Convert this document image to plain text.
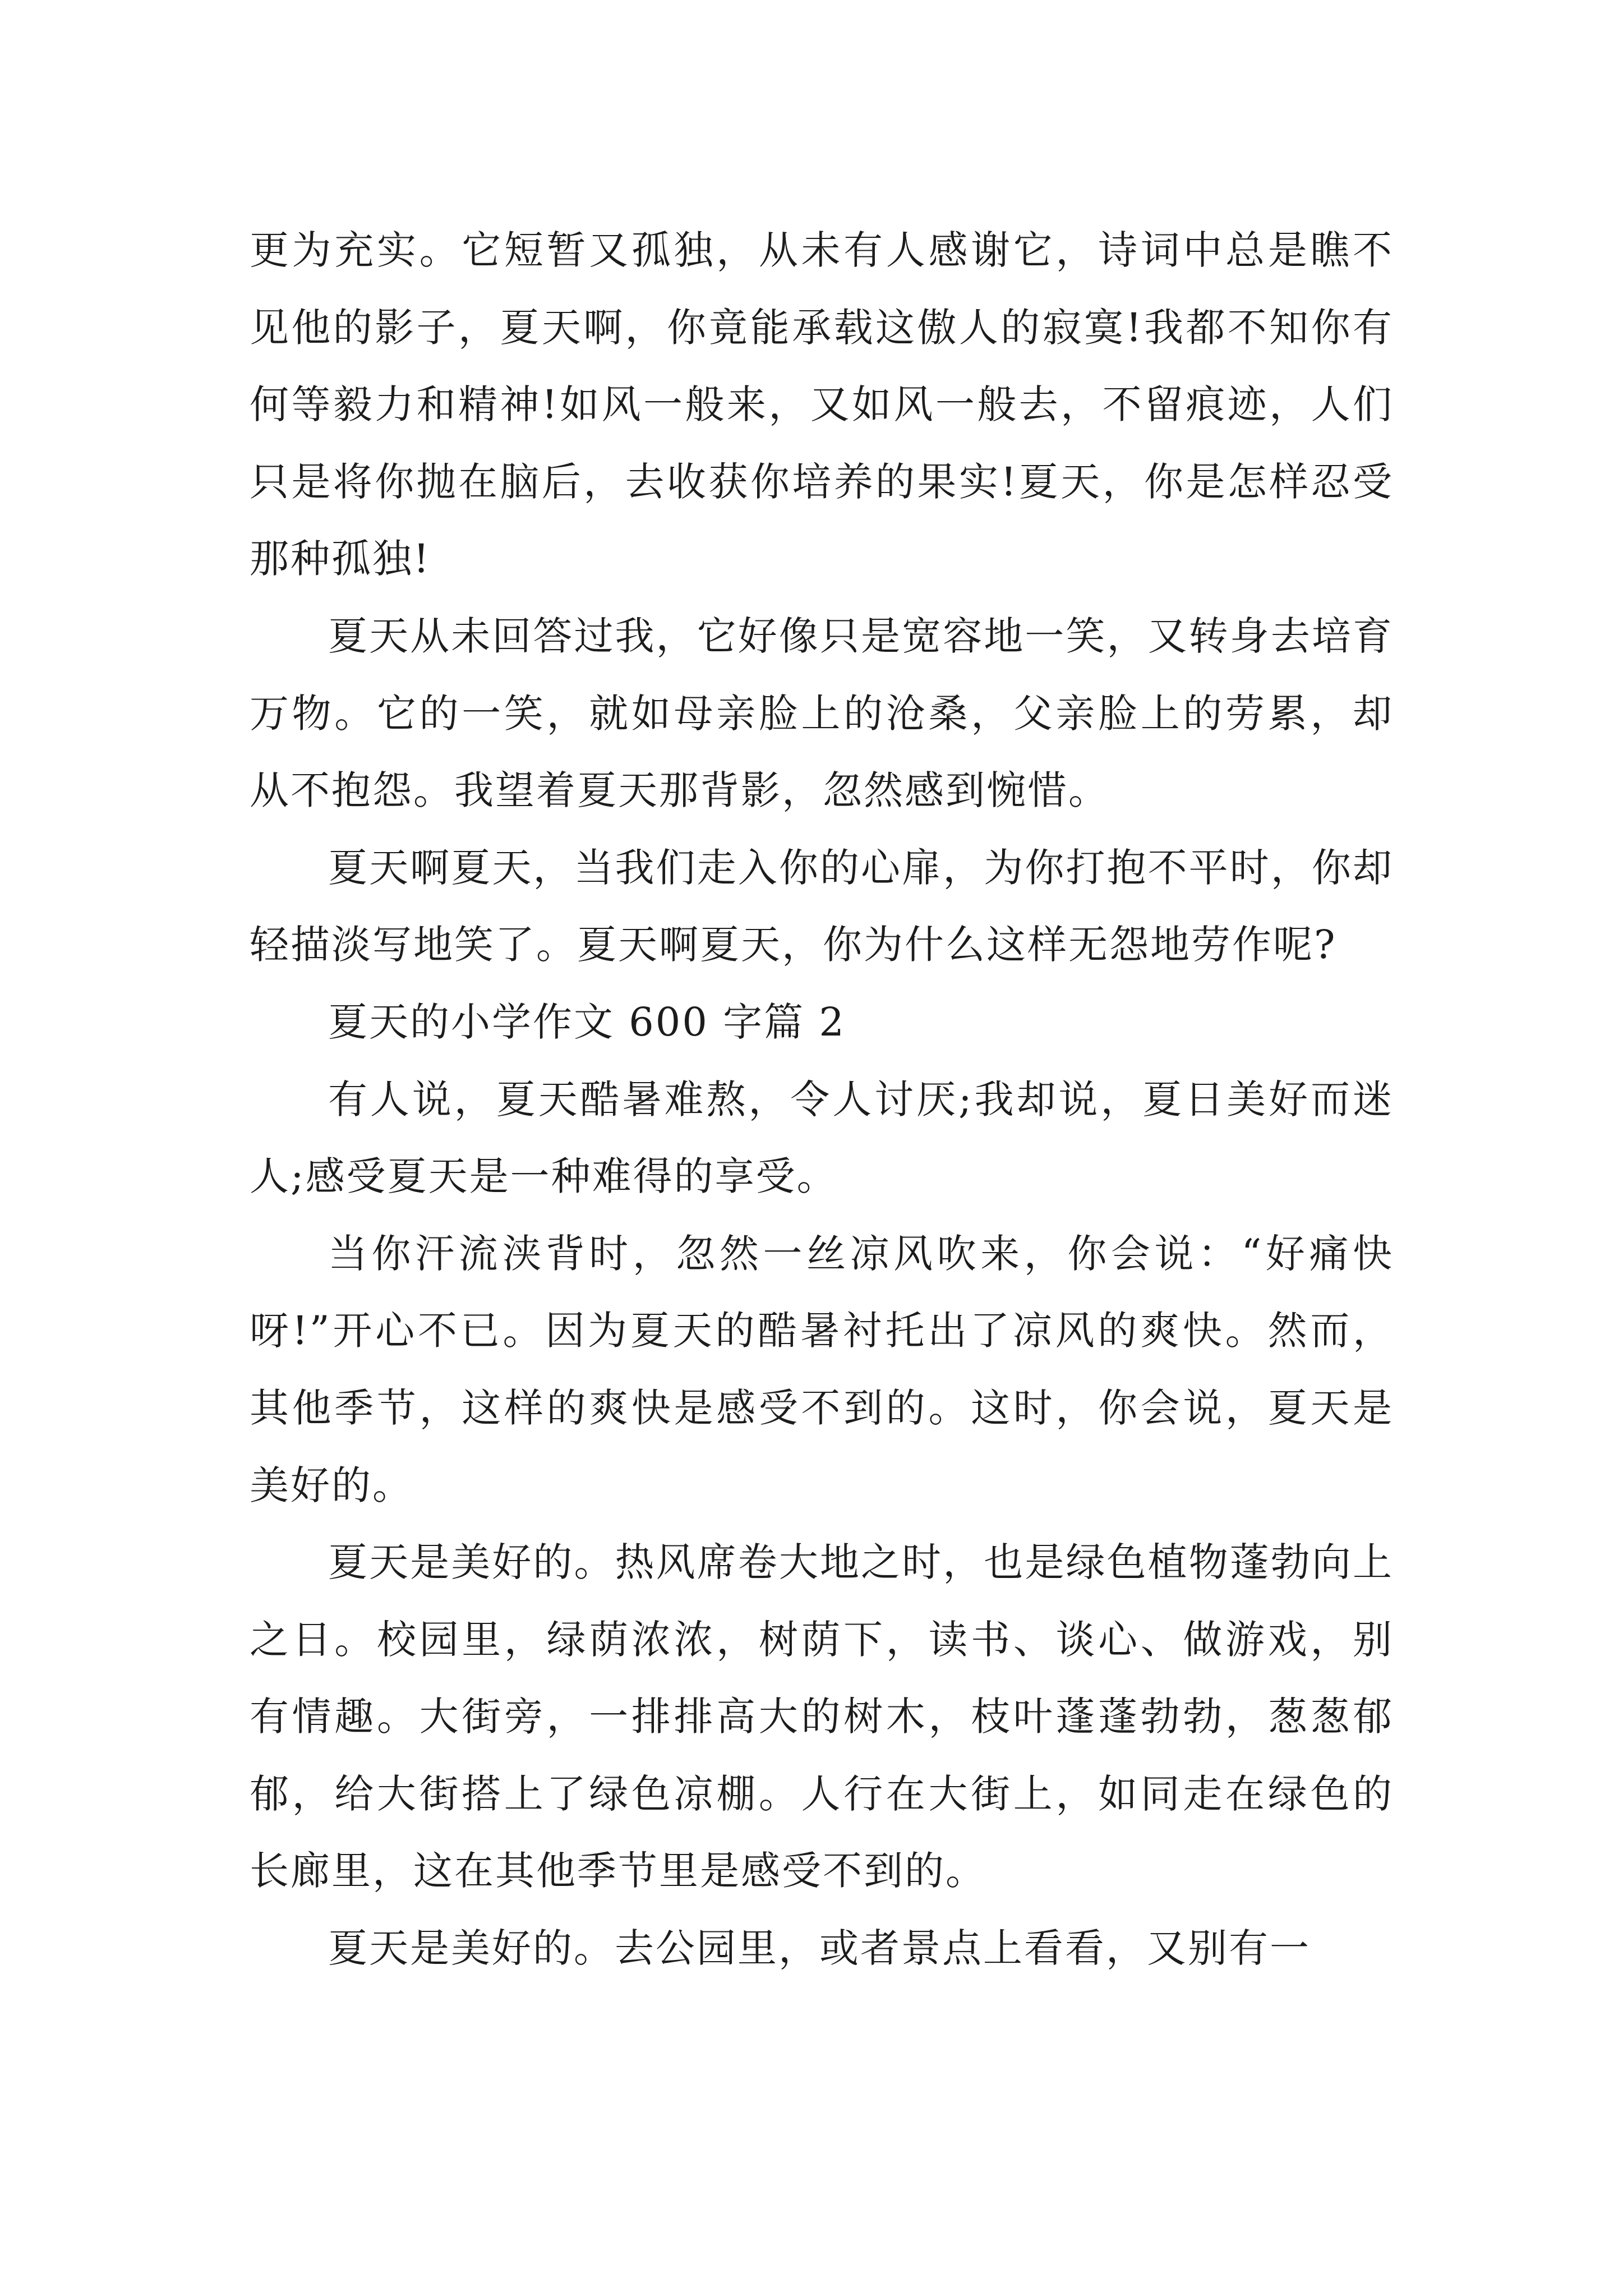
更为充实。它短暂又孤独，从未有人感谢它，诗词中总是瞧不见他的影子，夏天啊，你竟能承载这傲人的寂寞!我都不知你有何等毅力和精神!如风一般来，又如风一般去，不留痕迹，人们只是将你抛在脑后，去收获你培养的果实!夏天，你是怎样忍受那种孤独!

夏天从未回答过我，它好像只是宽容地一笑，又转身去培育万物。它的一笑，就如母亲脸上的沧桑，父亲脸上的劳累，却从不抱怨。我望着夏天那背影，忽然感到惋惜。

夏天啊夏天，当我们走入你的心扉，为你打抱不平时，你却轻描淡写地笑了。夏天啊夏天，你为什么这样无怨地劳作呢?

夏天的小学作文 600 字篇 2

有人说，夏天酷暑难熬，令人讨厌;我却说，夏日美好而迷人;感受夏天是一种难得的享受。

当你汗流浃背时，忽然一丝凉风吹来，你会说：“好痛快呀!”开心不已。因为夏天的酷暑衬托出了凉风的爽快。然而，其他季节，这样的爽快是感受不到的。这时，你会说，夏天是美好的。

夏天是美好的。热风席卷大地之时，也是绿色植物蓬勃向上之日。校园里，绿荫浓浓，树荫下，读书、谈心、做游戏，别有情趣。大街旁，一排排高大的树木，枝叶蓬蓬勃勃，葱葱郁郁，给大街搭上了绿色凉棚。人行在大街上，如同走在绿色的长廊里，这在其他季节里是感受不到的。

夏天是美好的。去公园里，或者景点上看看，又别有一
